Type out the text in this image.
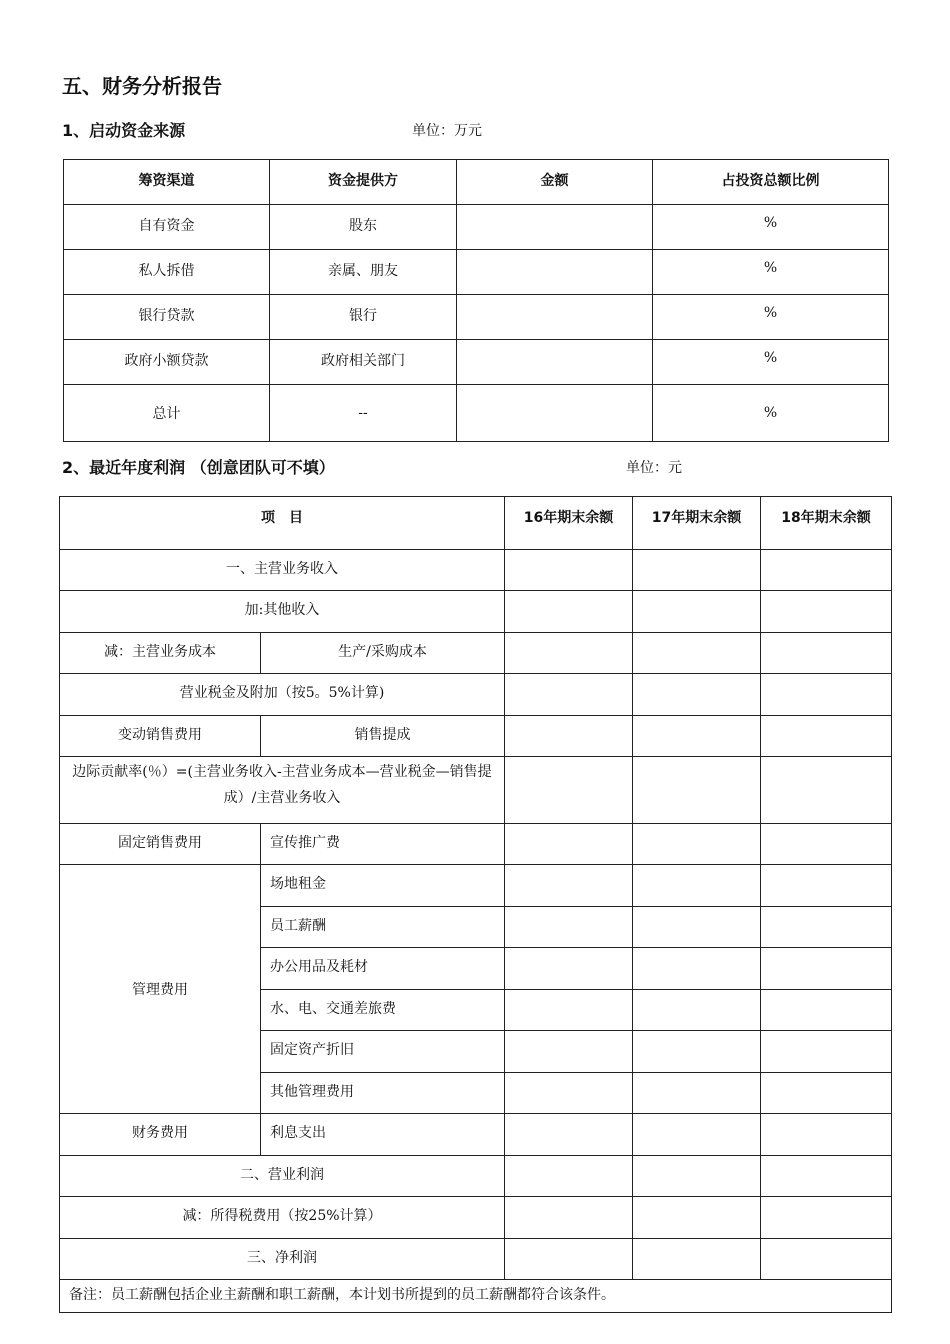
五、财务分析报告
1、启动资金来源	单位：万元
筹资渠道	资金提供方	金额	占投资总额比例
自有资金	股东		%
私人拆借	亲属、朋友		%
银行贷款	银行		%
政府小额贷款	政府相关部门		%
总计	--		%
2、最近年度利润 （创意团队可不填）	单位：元
项　目		16年期末余额	17年期末余额	18年期末余额
一、主营业务收入				
加:其他收入				
减：主营业务成本	生产/采购成本			
营业税金及附加（按5。5%计算)				
变动销售费用	销售提成			
边际贡献率(％）=(主营业务收入-主营业务成本—营业税金—销售提成）/主营业务收入				
固定销售费用	宣传推广费			
管理费用	场地租金			
	员工薪酬			
	办公用品及耗材			
	水、电、交通差旅费			
	固定资产折旧			
	其他管理费用			
财务费用	利息支出			
二、营业利润				
减：所得税费用（按25%计算）				
三、净利润				
备注：员工薪酬包括企业主薪酬和职工薪酬，本计划书所提到的员工薪酬都符合该条件。				
